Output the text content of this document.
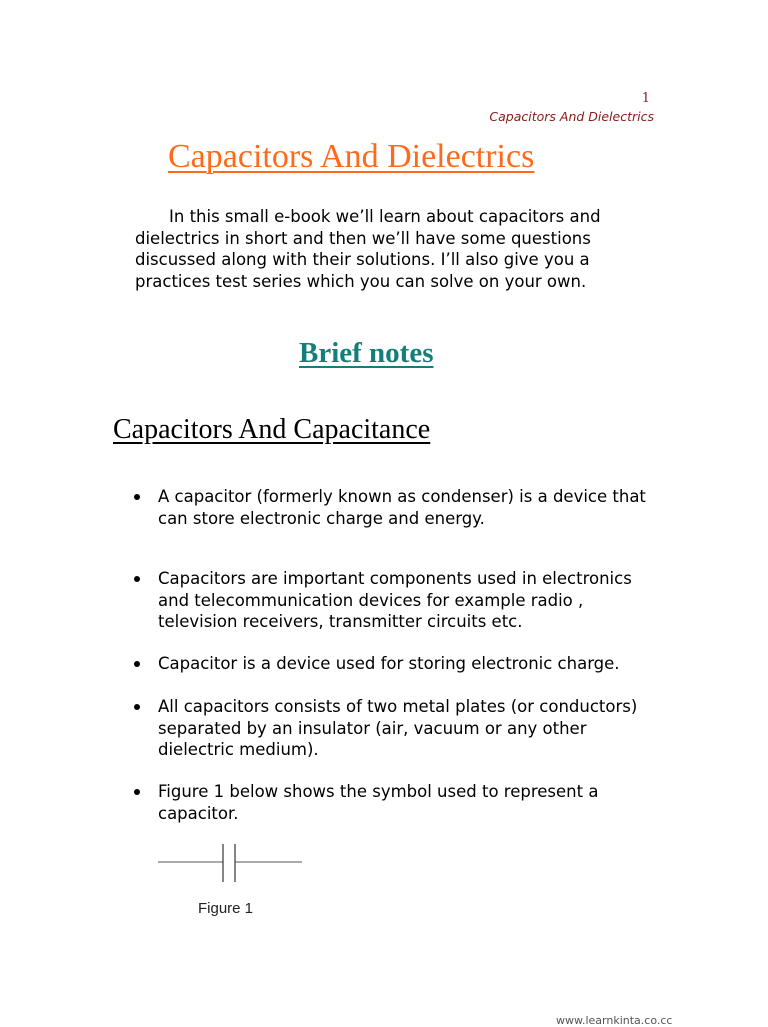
1
Capacitors And Dielectrics
Capacitors And Dielectrics

In this small e-book we’ll learn about capacitors and dielectrics in short and then we’ll have some questions discussed along with their solutions. I’ll also give you a practices test series which you can solve on your own.

Brief notes
Capacitors And Capacitance
A capacitor (formerly known as condenser) is a device that can store electronic charge and energy.
Capacitors are important components used in electronics and telecommunication devices for example radio , television receivers, transmitter circuits etc.
Capacitor is a device used for storing electronic charge.
All capacitors consists of two metal plates (or conductors) separated by an insulator (air, vacuum or any other dielectric medium).
Figure 1 below shows the symbol used to represent a capacitor.
Figure 1
www.learnkinta.co.cc
